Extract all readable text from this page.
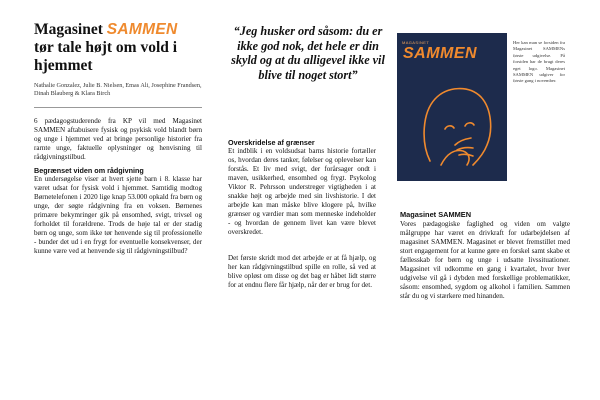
Magasinet SAMMEN
tør tale højt om vold i hjemmet
Nathalie Gonzalez, Julie B. Nielsen, Emas Ali, Josephine Frandsen, Dinah Blauberg & Klara Birch
6 pædagogstuderende fra KP vil med Magasinet SAMMEN aftabuisere fysisk og psykisk vold blandt børn og unge i hjemmet ved at bringe personlige historier fra rarnte unge, faktuelle oplysninger og henvisning til rådgivningstilbud.
Begrænset viden om rådgivning
En undersøgelse viser at hvert sjette barn i 8. klasse har været udsat for fysisk vold i hjemmet. Samtidig modtog Børnetelefonen i 2020 lige knap 53.000 opkald fra børn og unge, der søgte rådgivning fra en voksen. Børnenes primære bekymringer gik på ensomhed, svigt, trivsel og forholdet til forældrene. Trods de høje tal er der stadig børn og unge, som ikke tør henvende sig til professionelle - bunder det ud i en frygt for eventuelle konsekvenser, der kunne være ved at henvende sig til rådgivningstilbud?
“Jeg husker ord såsom: du er ikke god nok, det hele er din skyld og at du alligevel ikke vil blive til noget stort”
Overskridelse af grænser
Et indblik i en voldsudsat barns historie fortæller os, hvordan deres tanker, følelser og oplevelser kan forstås. Et liv med svigt, der forårsager ondt i maven, usikkerhed, ensomhed og frygt. Psykolog Viktor R. Pehrsson understreger vigtigheden i at snakke højt og arbejde med sin livshistorie. I det arbejde kan man måske blive klogere på, hvilke grænser og værdier man som menneske indeholder - og hvordan de gennem livet kan være blevet overskredet.
Det første skridt mod det arbejde er at få hjælp, og her kan rådgivningstilbud spille en rolle, så ved at blive opløst om disse og det bag er håbet lidt større for at endnu flere får hjælp, når der er brug for det.
MAGASINET
SAMMEN
Her kan man se forsiden fra Magasinet SAMMENs første udgivelse. På forsiden har de brugt deres eget logo. Magasinet SAMMEN udgiver for første gang i november.
Magasinet SAMMEN
Vores pædagogiske faglighed og viden om valgte målgruppe har været en drivkraft for udarbejdelsen af magasinet SAMMEN. Magasinet er blevet fremstillet med stort engagement for at kunne gøre en forskel samt skabe et fællesskab for børn og unge i udsatte livssituationer. Magasinet vil udkomme en gang i kvartalet, hvor hver udgivelse vil gå i dybden med forskellige problematikker, såsom: ensomhed, sygdom og alkohol i familien. Sammen står du og vi stærkere med hinanden.
